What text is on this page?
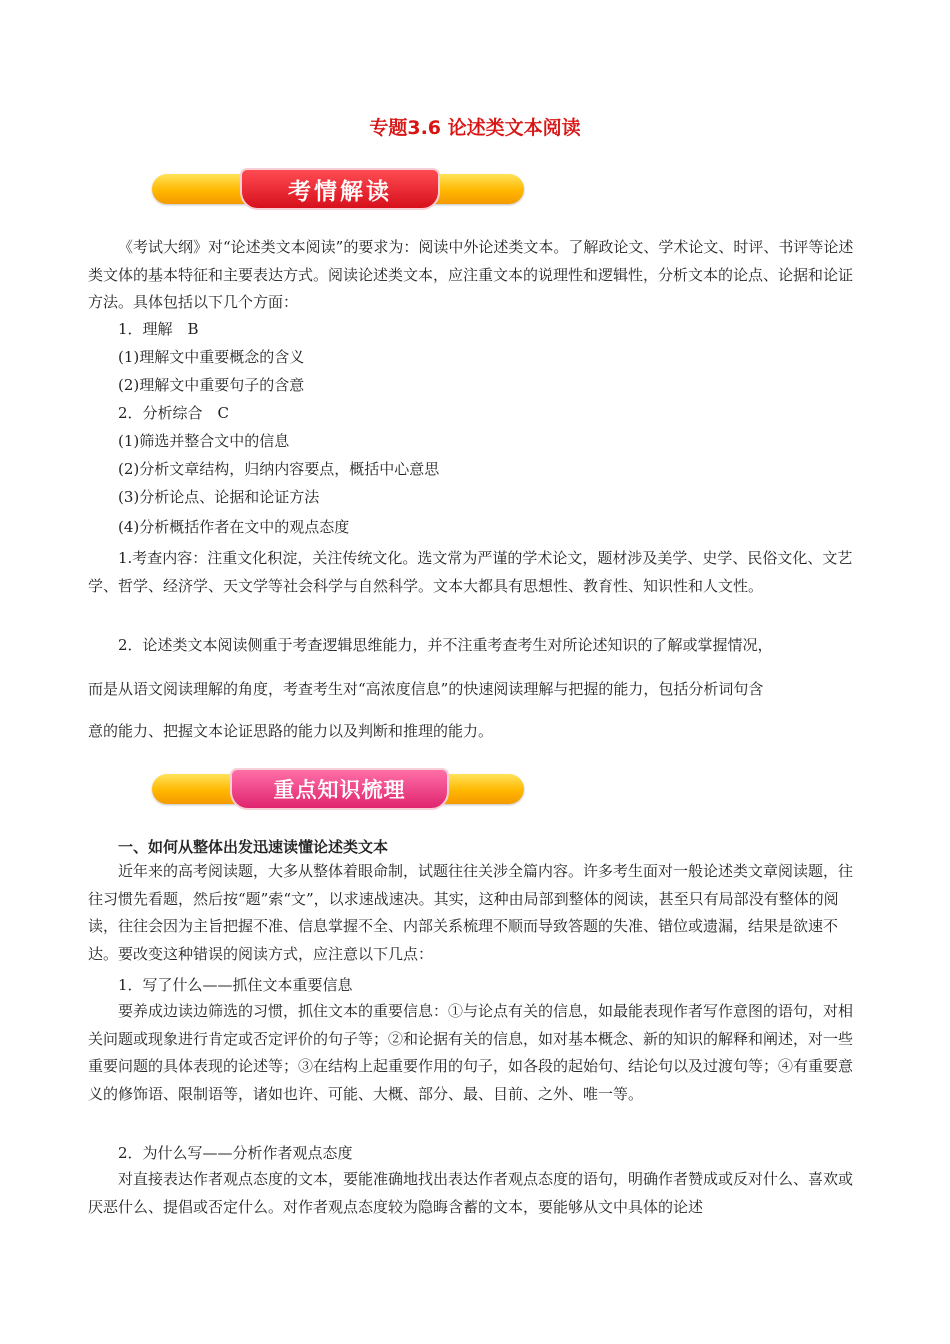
专题3.6 论述类文本阅读
考情解读

《考试大纲》对“论述类文本阅读”的要求为：阅读中外论述类文本。了解政论文、学术论文、时评、书评等论述类文体的基本特征和主要表达方式。阅读论述类文本，应注重文本的说理性和逻辑性，分析文本的论点、论据和论证方法。具体包括以下几个方面：

1．理解　B
(1)理解文中重要概念的含义
(2)理解文中重要句子的含意
2．分析综合　C
(1)筛选并整合文中的信息
(2)分析文章结构，归纳内容要点，概括中心意思
(3)分析论点、论据和论证方法
(4)分析概括作者在文中的观点态度

1.考查内容：注重文化积淀，关注传统文化。选文常为严谨的学术论文，题材涉及美学、史学、民俗文化、文艺学、哲学、经济学、天文学等社会科学与自然科学。文本大都具有思想性、教育性、知识性和人文性。

2．论述类文本阅读侧重于考查逻辑思维能力，并不注重考查考生对所论述知识的了解或掌握情况，
而是从语文阅读理解的角度，考查考生对“高浓度信息”的快速阅读理解与把握的能力，包括分析词句含
意的能力、把握文本论证思路的能力以及判断和推理的能力。
重点知识梳理
一、如何从整体出发迅速读懂论述类文本

近年来的高考阅读题，大多从整体着眼命制，试题往往关涉全篇内容。许多考生面对一般论述类文章阅读题，往往习惯先看题，然后按“题”索“文”，以求速战速决。其实，这种由局部到整体的阅读，甚至只有局部没有整体的阅读，往往会因为主旨把握不准、信息掌握不全、内部关系梳理不顺而导致答题的失准、错位或遗漏，结果是欲速不达。要改变这种错误的阅读方式，应注意以下几点：

1．写了什么——抓住文本重要信息

要养成边读边筛选的习惯，抓住文本的重要信息：①与论点有关的信息，如最能表现作者写作意图的语句，对相关问题或现象进行肯定或否定评价的句子等；②和论据有关的信息，如对基本概念、新的知识的解释和阐述，对一些重要问题的具体表现的论述等；③在结构上起重要作用的句子，如各段的起始句、结论句以及过渡句等；④有重要意义的修饰语、限制语等，诸如也许、可能、大概、部分、最、目前、之外、唯一等。

2．为什么写——分析作者观点态度

对直接表达作者观点态度的文本，要能准确地找出表达作者观点态度的语句，明确作者赞成或反对什么、喜欢或厌恶什么、提倡或否定什么。对作者观点态度较为隐晦含蓄的文本，要能够从文中具体的论述
